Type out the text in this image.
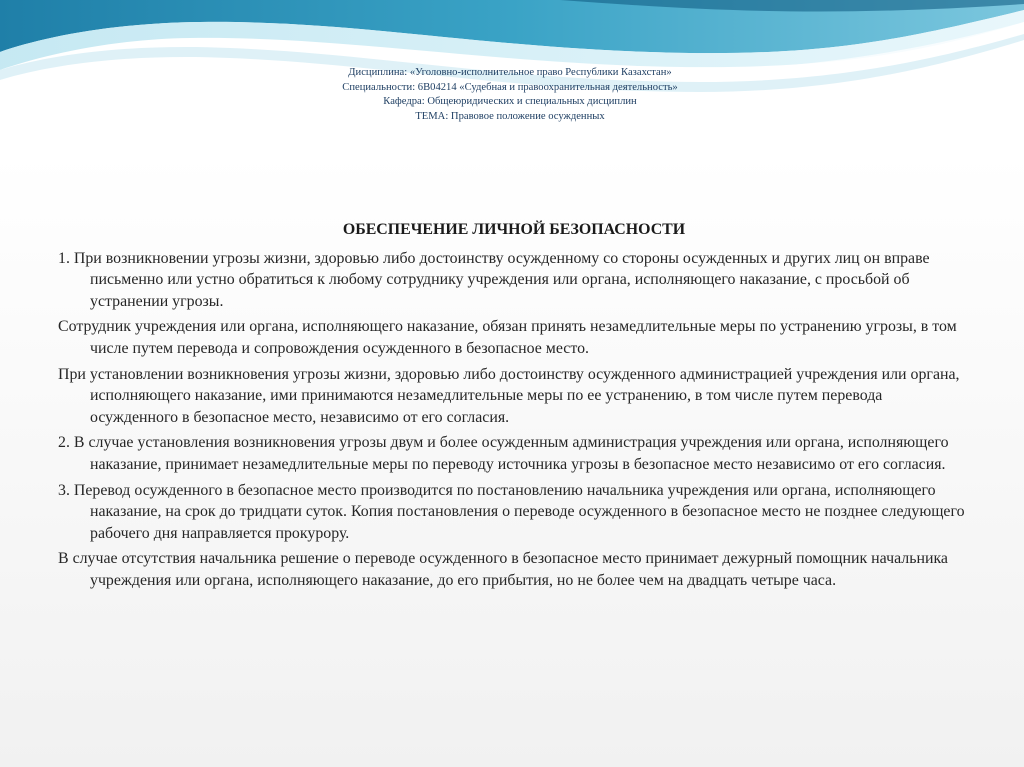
Дисциплина: «Уголовно-исполнительное право Республики Казахстан»
Специальности: 6В04214 «Судебная и правоохранительная деятельность»
Кафедра: Общеюридических и специальных дисциплин
ТЕМА: Правовое положение осужденных
ОБЕСПЕЧЕНИЕ ЛИЧНОЙ БЕЗОПАСНОСТИ

1. При возникновении угрозы жизни, здоровью либо достоинству осужденному со стороны осужденных и других лиц он вправе письменно или устно обратиться к любому сотруднику учреждения или органа, исполняющего наказание, с просьбой об устранении угрозы.

Сотрудник учреждения или органа, исполняющего наказание, обязан принять незамедлительные меры по устранению угрозы, в том числе путем перевода и сопровождения осужденного в безопасное место.

При установлении возникновения угрозы жизни, здоровью либо достоинству осужденного администрацией учреждения или органа, исполняющего наказание, ими принимаются незамедлительные меры по ее устранению, в том числе путем перевода осужденного в безопасное место, независимо от его согласия.

2. В случае установления возникновения угрозы двум и более осужденным администрация учреждения или органа, исполняющего наказание, принимает незамедлительные меры по переводу источника угрозы в безопасное место независимо от его согласия.

3. Перевод осужденного в безопасное место производится по постановлению начальника учреждения или органа, исполняющего наказание, на срок до тридцати суток. Копия постановления о переводе осужденного в безопасное место не позднее следующего рабочего дня направляется прокурору.

В случае отсутствия начальника решение о переводе осужденного в безопасное место принимает дежурный помощник начальника учреждения или органа, исполняющего наказание, до его прибытия, но не более чем на двадцать четыре часа.
